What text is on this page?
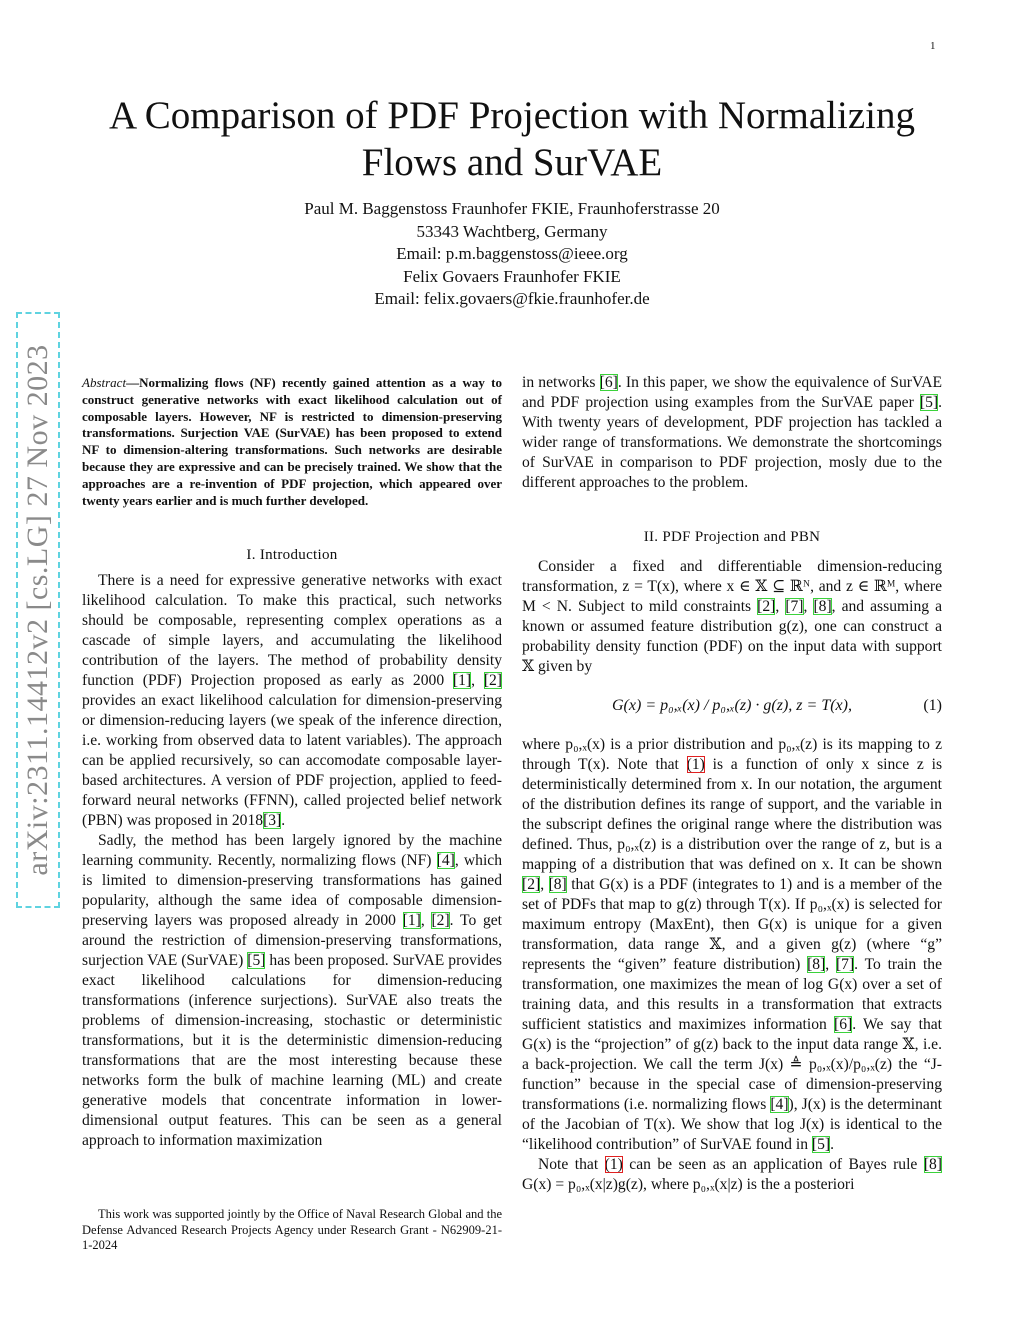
1
A Comparison of PDF Projection with Normalizing Flows and SurVAE
Paul M. Baggenstoss Fraunhofer FKIE, Fraunhoferstrasse 20
53343 Wachtberg, Germany
Email: p.m.baggenstoss@ieee.org
Felix Govaers Fraunhofer FKIE
Email: felix.govaers@fkie.fraunhofer.de
arXiv:2311.14412v2 [cs.LG] 27 Nov 2023 Abstract—Normalizing flows (NF) recently gained attention as a way to construct generative networks with exact likelihood calculation out of composable layers. However, NF is restricted to dimension-preserving transformations. Surjection VAE (SurVAE) has been proposed to extend NF to dimension-altering transformations. Such networks are desirable because they are expressive and can be precisely trained. We show that the approaches are a re-invention of PDF projection, which appeared over twenty years earlier and is much further developed.
I. Introduction

There is a need for expressive generative networks with exact likelihood calculation. To make this practical, such networks should be composable, representing complex operations as a cascade of simple layers, and accumulating the likelihood contribution of the layers. The method of probability density function (PDF) Projection proposed as early as 2000 [1], [2] provides an exact likelihood calculation for dimension-preserving or dimension-reducing layers (we speak of the inference direction, i.e. working from observed data to latent variables). The approach can be applied recursively, so can accomodate composable layer-based architectures. A version of PDF projection, applied to feed-forward neural networks (FFNN), called projected belief network (PBN) was proposed in 2018[3].

Sadly, the method has been largely ignored by the machine learning community. Recently, normalizing flows (NF) [4], which is limited to dimension-preserving transformations has gained popularity, although the same idea of composable dimension-preserving layers was proposed already in 2000 [1], [2]. To get around the restriction of dimension-preserving transformations, surjection VAE (SurVAE) [5] has been proposed. SurVAE provides exact likelihood calculations for dimension-reducing transformations (inference surjections). SurVAE also treats the problems of dimension-increasing, stochastic or deterministic transformations, but it is the deterministic dimension-reducing transformations that are the most interesting because these networks form the bulk of machine learning (ML) and create generative models that concentrate information in lower-dimensional output features. This can be seen as a general approach to information maximization

This work was supported jointly by the Office of Naval Research Global and the Defense Advanced Research Projects Agency under Research Grant - N62909-21-1-2024

in networks [6]. In this paper, we show the equivalence of SurVAE and PDF projection using examples from the SurVAE paper [5]. With twenty years of development, PDF projection has tackled a wider range of transformations. We demonstrate the shortcomings of SurVAE in comparison to PDF projection, mosly due to the different approaches to the problem.

II. PDF Projection and PBN

Consider a fixed and differentiable dimension-reducing transformation, z = T(x), where x ∈ 𝕏 ⊆ ℝᴺ, and z ∈ ℝᴹ, where M < N. Subject to mild constraints [2], [7], [8], and assuming a known or assumed feature distribution g(z), one can construct a probability density function (PDF) on the input data with support 𝕏 given by

G(x) = p₀,ₓ(x) / p₀,ₓ(z) · g(z), z = T(x),	(1)

where p₀,ₓ(x) is a prior distribution and p₀,ₓ(z) is its mapping to z through T(x). Note that (1) is a function of only x since z is deterministically determined from x. In our notation, the argument of the distribution defines its range of support, and the variable in the subscript defines the original range where the distribution was defined. Thus, p₀,ₓ(z) is a distribution over the range of z, but is a mapping of a distribution that was defined on x. It can be shown [2], [8] that G(x) is a PDF (integrates to 1) and is a member of the set of PDFs that map to g(z) through T(x). If p₀,ₓ(x) is selected for maximum entropy (MaxEnt), then G(x) is unique for a given transformation, data range 𝕏, and a given g(z) (where “g” represents the “given” feature distribution) [8], [7]. To train the transformation, one maximizes the mean of log G(x) over a set of training data, and this results in a transformation that extracts sufficient statistics and maximizes information [6]. We say that G(x) is the “projection” of g(z) back to the input data range 𝕏, i.e. a back-projection. We call the term J(x) ≜ p₀,ₓ(x)/p₀,ₓ(z) the “J-function” because in the special case of dimension-preserving transformations (i.e. normalizing flows [4]), J(x) is the determinant of the Jacobian of T(x). We show that log J(x) is identical to the “likelihood contribution” of SurVAE found in [5].

Note that (1) can be seen as an application of Bayes rule [8] G(x) = p₀,ₓ(x|z)g(z), where p₀,ₓ(x|z) is the a posteriori
